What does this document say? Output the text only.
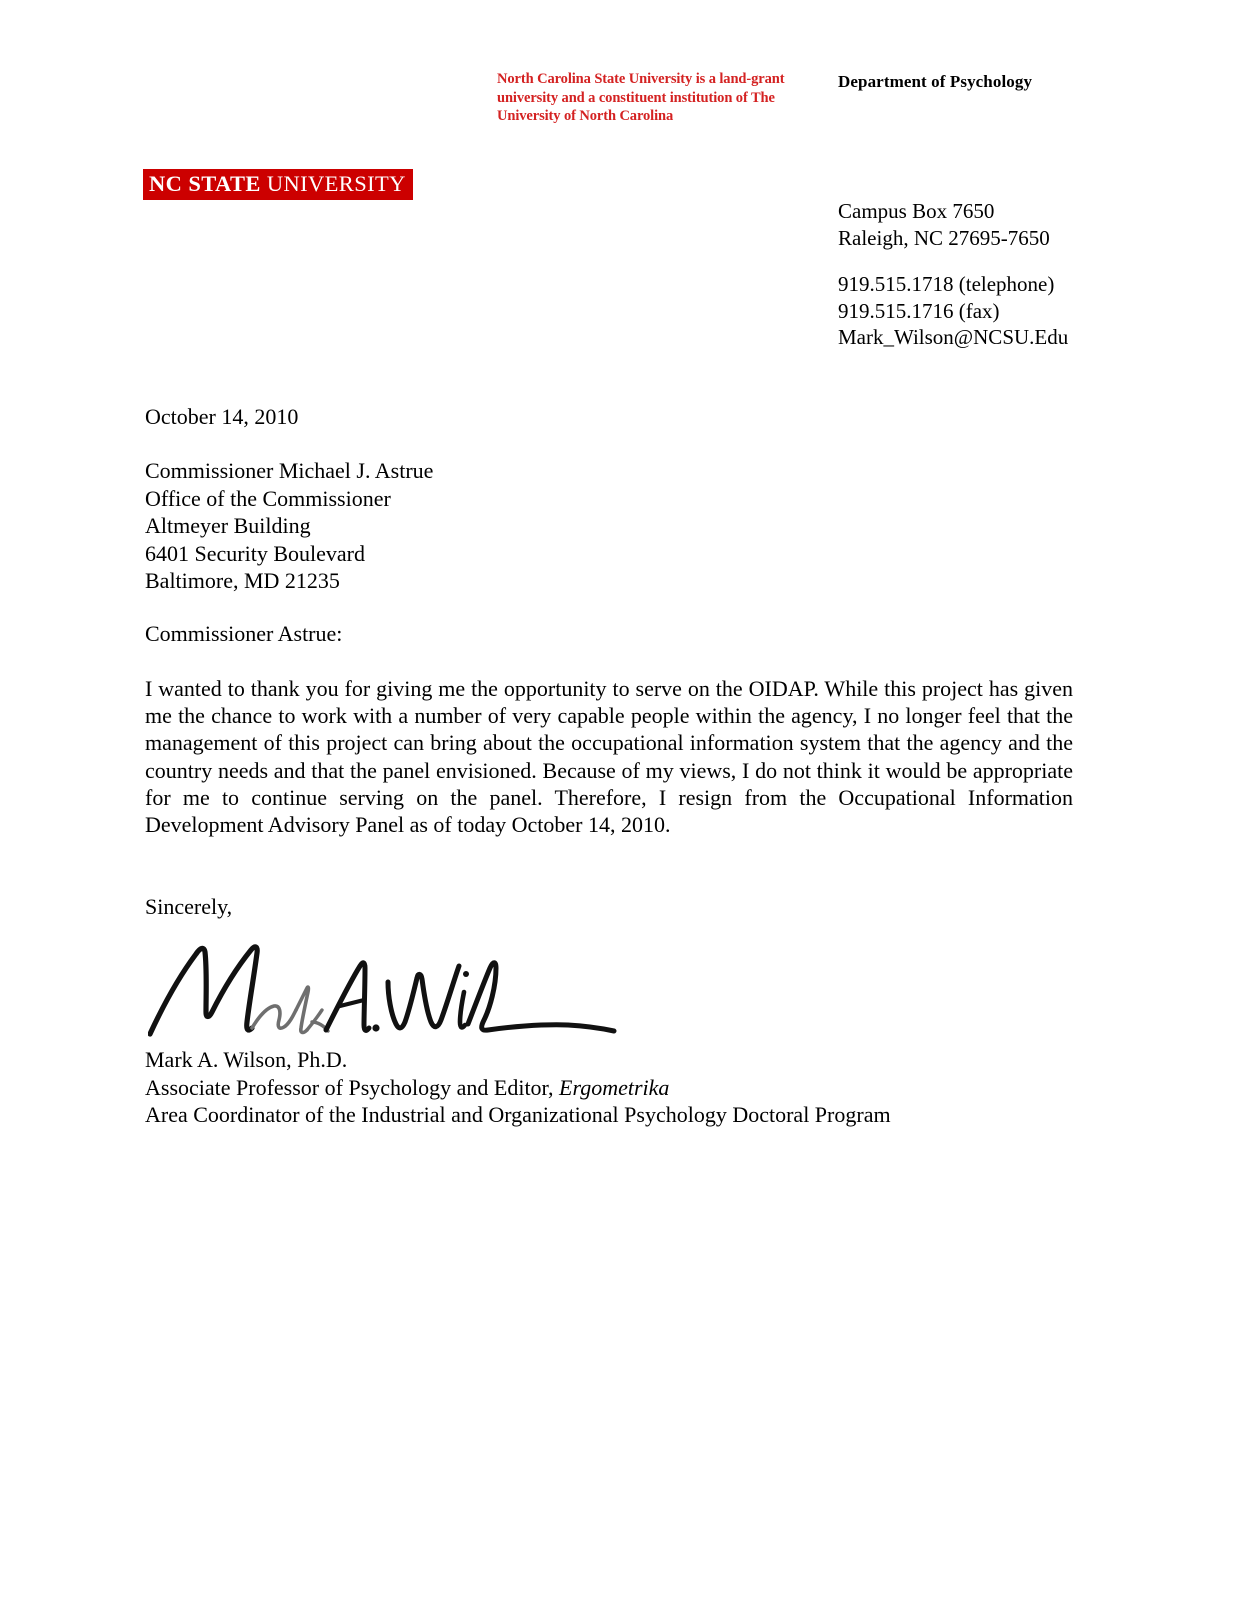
North Carolina State University is a land-grant university and a constituent institution of The University of North Carolina
Department of Psychology
NC STATE UNIVERSITY
Campus Box 7650
Raleigh, NC 27695-7650
919.515.1718 (telephone)
919.515.1716 (fax)
Mark_Wilson@NCSU.Edu
October 14, 2010
Commissioner Michael J. Astrue
Office of the Commissioner
Altmeyer Building
6401 Security Boulevard
Baltimore, MD 21235
Commissioner Astrue:
I wanted to thank you for giving me the opportunity to serve on the OIDAP. While this project has given me the chance to work with a number of very capable people within the agency, I no longer feel that the management of this project can bring about the occupational information system that the agency and the country needs and that the panel envisioned. Because of my views, I do not think it would be appropriate for me to continue serving on the panel. Therefore, I resign from the Occupational Information Development Advisory Panel as of today October 14, 2010.
Sincerely,
Mark A. Wilson, Ph.D.
Associate Professor of Psychology and Editor, Ergometrika
Area Coordinator of the Industrial and Organizational Psychology Doctoral Program
